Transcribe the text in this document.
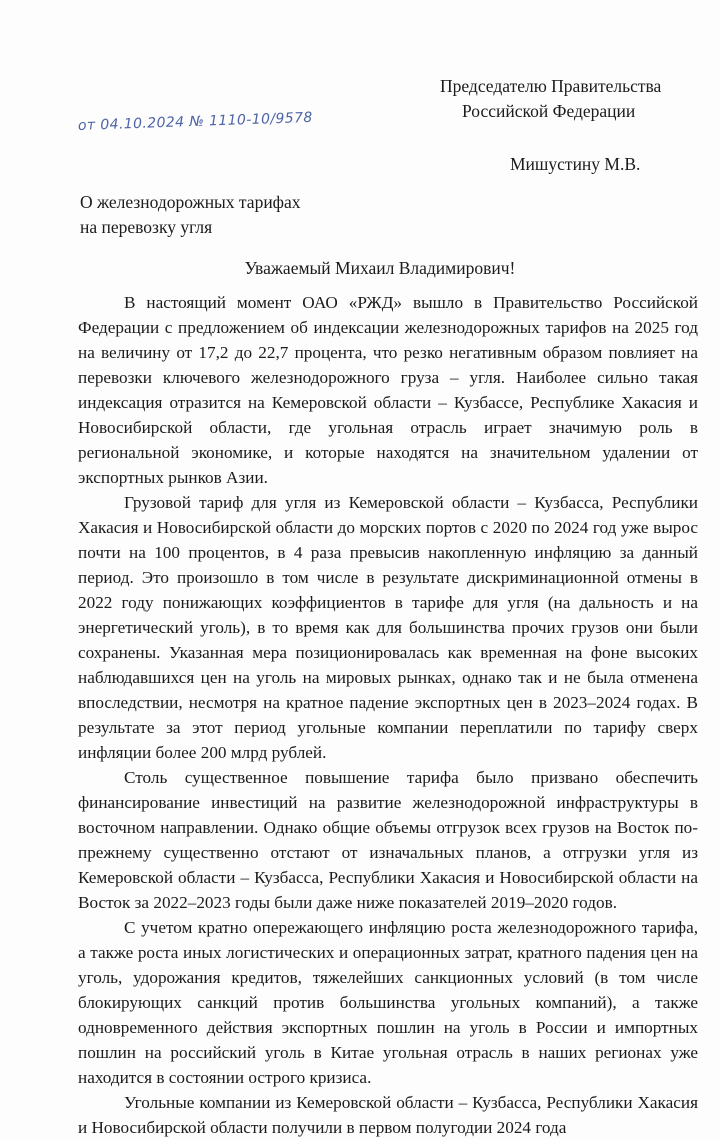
Председателю Правительства
Российской Федерации
Мишустину М.В.
от 04.10.2024 № 1110-10/9578
О железнодорожных тарифах
на перевозку угля
Уважаемый Михаил Владимирович!

В настоящий момент ОАО «РЖД» вышло в Правительство Российской Федерации с предложением об индексации железнодорожных тарифов на 2025 год на величину от 17,2 до 22,7 процента, что резко негативным образом повлияет на перевозки ключевого железнодорожного груза – угля. Наиболее сильно такая индексация отразится на Кемеровской области – Кузбассе, Республике Хакасия и Новосибирской области, где угольная отрасль играет значимую роль в региональной экономике, и которые находятся на значительном удалении от экспортных рынков Азии.

Грузовой тариф для угля из Кемеровской области – Кузбасса, Республики Хакасия и Новосибирской области до морских портов с 2020 по 2024 год уже вырос почти на 100 процентов, в 4 раза превысив накопленную инфляцию за данный период. Это произошло в том числе в результате дискриминационной отмены в 2022 году понижающих коэффициентов в тарифе для угля (на дальность и на энергетический уголь), в то время как для большинства прочих грузов они были сохранены. Указанная мера позиционировалась как временная на фоне высоких наблюдавшихся цен на уголь на мировых рынках, однако так и не была отменена впоследствии, несмотря на кратное падение экспортных цен в 2023–2024 годах. В результате за этот период угольные компании переплатили по тарифу сверх инфляции более 200 млрд рублей.

Столь существенное повышение тарифа было призвано обеспечить финансирование инвестиций на развитие железнодорожной инфраструктуры в восточном направлении. Однако общие объемы отгрузок всех грузов на Восток по-прежнему существенно отстают от изначальных планов, а отгрузки угля из Кемеровской области – Кузбасса, Республики Хакасия и Новосибирской области на Восток за 2022–2023 годы были даже ниже показателей 2019–2020 годов.

С учетом кратно опережающего инфляцию роста железнодорожного тарифа, а также роста иных логистических и операционных затрат, кратного падения цен на уголь, удорожания кредитов, тяжелейших санкционных условий (в том числе блокирующих санкций против большинства угольных компаний), а также одновременного действия экспортных пошлин на уголь в России и импортных пошлин на российский уголь в Китае угольная отрасль в наших регионах уже находится в состоянии острого кризиса.

Угольные компании из Кемеровской области – Кузбасса, Республики Хакасия и Новосибирской области получили в первом полугодии 2024 года
